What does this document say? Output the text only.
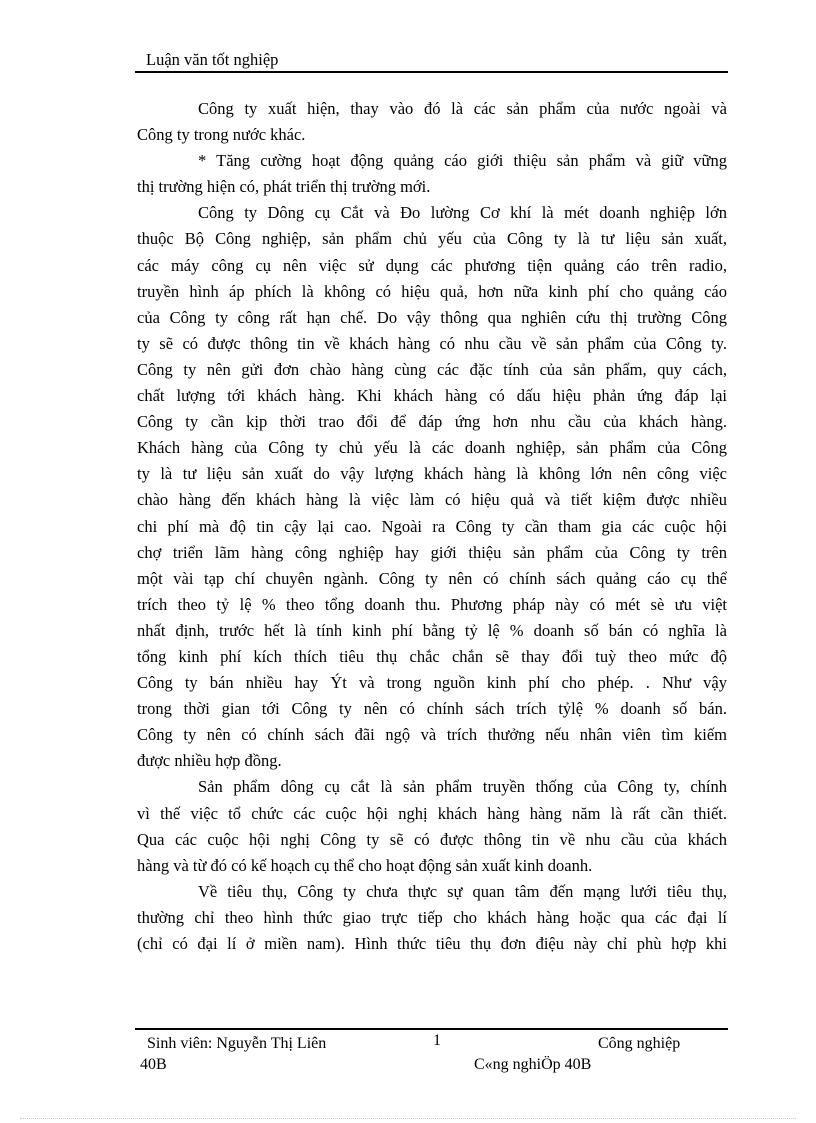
Luận văn tốt nghiệp
Công ty xuất hiện, thay vào đó là các sản phẩm của nước ngoài và
Công ty trong nước khác.
* Tăng cường hoạt động quảng cáo giới thiệu sản phẩm và giữ vững
thị trường hiện có, phát triển thị trường mới.
Công ty Dông cụ Cắt và Đo lường Cơ khí là mét doanh nghiệp lớn
thuộc Bộ Công nghiệp, sản phẩm chủ yếu của Công ty là tư liệu sản xuất,
các máy công cụ nên việc sử dụng các phương tiện quảng cáo trên radio,
truyền hình áp phích là không có hiệu quả, hơn nữa kinh phí cho quảng cáo
của Công ty công rất hạn chế. Do vậy thông qua nghiên cứu thị trường Công
ty sẽ có được thông tin về khách hàng có nhu cầu về sản phẩm của Công ty.
Công ty nên gửi đơn chào hàng cùng các đặc tính của sản phẩm, quy cách,
chất lượng tới khách hàng. Khi khách hàng có dấu hiệu phản ứng đáp lại
Công ty cần kịp thời trao đổi để đáp ứng hơn nhu cầu của khách hàng.
Khách hàng của Công ty chủ yếu là các doanh nghiệp, sản phẩm của Công
ty là tư liệu sản xuất do vậy lượng khách hàng là không lớn nên công việc
chào hàng đến khách hàng là việc làm có hiệu quả và tiết kiệm được nhiều
chi phí mà độ tin cậy lại cao. Ngoài ra Công ty cần tham gia các cuộc hội
chợ triển lãm hàng công nghiệp hay giới thiệu sản phẩm của Công ty trên
một vài tạp chí chuyên ngành. Công ty nên có chính sách quảng cáo cụ thể
trích theo tỷ lệ % theo tổng doanh thu. Phương pháp này có mét sè ưu việt
nhất định, trước hết là tính kinh phí bằng tỷ lệ % doanh số bán có nghĩa là
tổng kinh phí kích thích tiêu thụ chắc chắn sẽ thay đổi tuỳ theo mức độ
Công ty bán nhiều hay Ýt và trong nguồn kinh phí cho phép. . Như vậy
trong thời gian tới Công ty nên có chính sách trích tỷlệ % doanh số bán.
Công ty nên có chính sách đãi ngộ và trích thưởng nếu nhân viên tìm kiếm
được nhiều hợp đồng.
Sản phẩm dông cụ cắt là sản phẩm truyền thống của Công ty, chính
vì thế việc tổ chức các cuộc hội nghị khách hàng hàng năm là rất cần thiết.
Qua các cuộc hội nghị Công ty sẽ có được thông tin về nhu cầu của khách
hàng và từ đó có kế hoạch cụ thể cho hoạt động sản xuất kinh doanh.
Về tiêu thụ, Công ty chưa thực sự quan tâm đến mạng lưới tiêu thụ,
thường chỉ theo hình thức giao trực tiếp cho khách hàng hoặc qua các đại lí
(chỉ có đại lí ở miền nam). Hình thức tiêu thụ đơn điệu này chỉ phù hợp khi
Sinh viên: Nguyễn Thị Liên
40B
1	Công nghiệp
C«ng nghiÖp 40B
